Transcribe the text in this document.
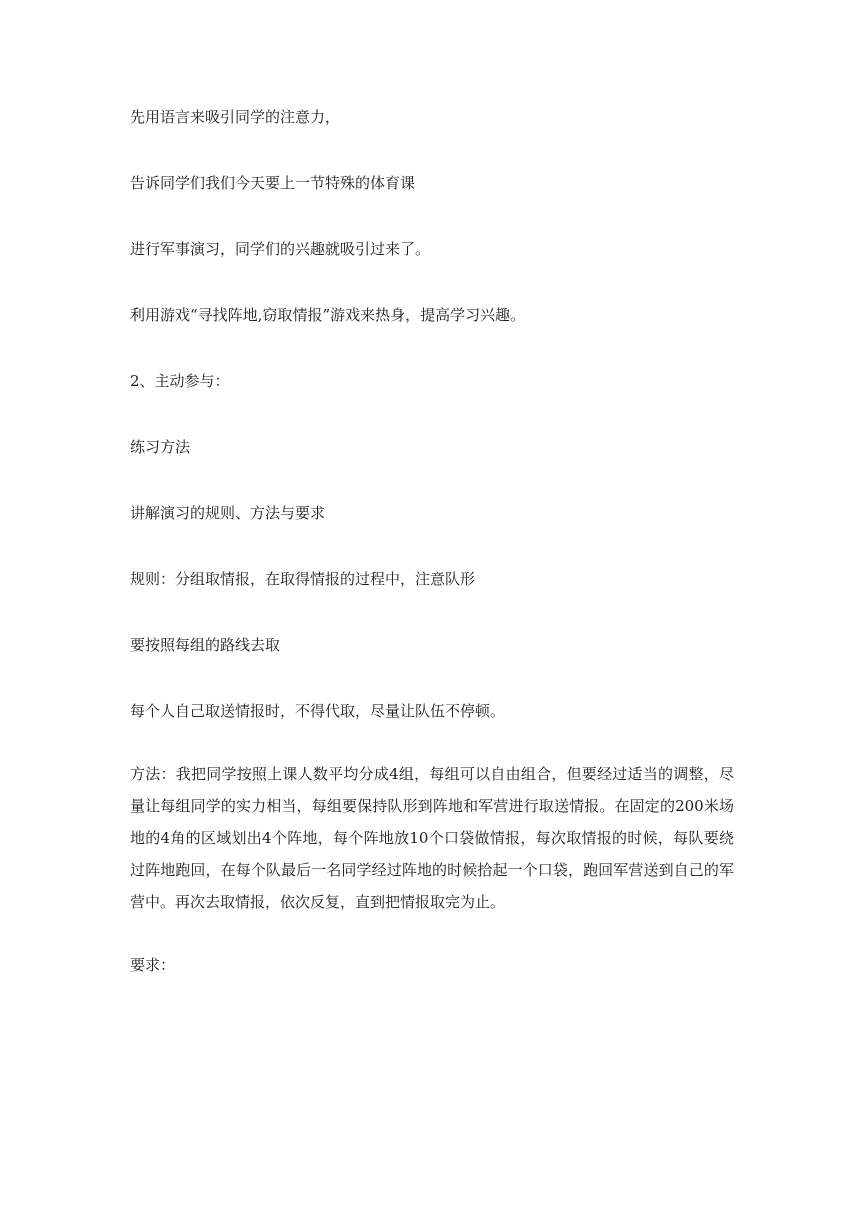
先用语言来吸引同学的注意力，

告诉同学们我们今天要上一节特殊的体育课

进行军事演习，同学们的兴趣就吸引过来了。

利用游戏“寻找阵地,窃取情报”游戏来热身，提高学习兴趣。

2、主动参与：

练习方法

讲解演习的规则、方法与要求

规则：分组取情报，在取得情报的过程中，注意队形

要按照每组的路线去取

每个人自己取送情报时，不得代取，尽量让队伍不停顿。

方法：我把同学按照上课人数平均分成4组，每组可以自由组合，但要经过适当的调整，尽量让每组同学的实力相当，每组要保持队形到阵地和军营进行取送情报。在固定的200米场地的4角的区域划出4个阵地，每个阵地放10个口袋做情报，每次取情报的时候，每队要绕过阵地跑回，在每个队最后一名同学经过阵地的时候拾起一个口袋，跑回军营送到自己的军营中。再次去取情报，依次反复，直到把情报取完为止。

要求：
